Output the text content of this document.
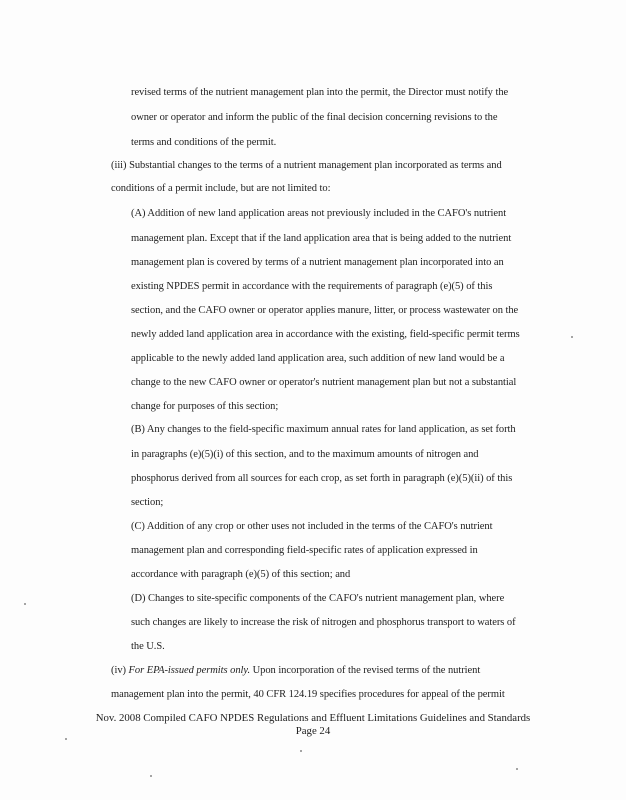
revised terms of the nutrient management plan into the permit, the Director must notify the
owner or operator and inform the public of the final decision concerning revisions to the
terms and conditions of the permit.
(iii) Substantial changes to the terms of a nutrient management plan incorporated as terms and
conditions of a permit include, but are not limited to:
(A) Addition of new land application areas not previously included in the CAFO's nutrient
management plan. Except that if the land application area that is being added to the nutrient
management plan is covered by terms of a nutrient management plan incorporated into an
existing NPDES permit in accordance with the requirements of paragraph (e)(5) of this
section, and the CAFO owner or operator applies manure, litter, or process wastewater on the
newly added land application area in accordance with the existing, field-specific permit terms
applicable to the newly added land application area, such addition of new land would be a
change to the new CAFO owner or operator's nutrient management plan but not a substantial
change for purposes of this section;
(B) Any changes to the field-specific maximum annual rates for land application, as set forth
in paragraphs (e)(5)(i) of this section, and to the maximum amounts of nitrogen and
phosphorus derived from all sources for each crop, as set forth in paragraph (e)(5)(ii) of this
section;
(C) Addition of any crop or other uses not included in the terms of the CAFO's nutrient
management plan and corresponding field-specific rates of application expressed in
accordance with paragraph (e)(5) of this section; and
(D) Changes to site-specific components of the CAFO's nutrient management plan, where
such changes are likely to increase the risk of nitrogen and phosphorus transport to waters of
the U.S.
(iv) For EPA-issued permits only. Upon incorporation of the revised terms of the nutrient
management plan into the permit, 40 CFR 124.19 specifies procedures for appeal of the permit
Nov. 2008 Compiled CAFO NPDES Regulations and Effluent Limitations Guidelines and Standards
Page 24
